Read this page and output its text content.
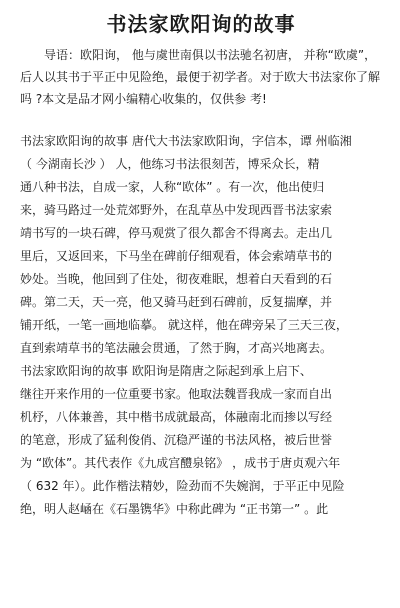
书法家欧阳询的故事

导语：欧阳询， 他与虞世南俱以书法驰名初唐， 并称“欧虞”，后人以其书于平正中见险绝，最便于初学者。对于欧大书法家你了解吗 ?本文是品才网小编精心收集的，仅供参 考!

书法家欧阳询的故事 唐代大书法家欧阳询，字信本，谭 州临湘

（ 今湖南长沙 ） 人，他练习书法很刻苦，博采众长，精

通八种书法，自成一家，人称“欧体” 。有一次，他出使归

来，骑马路过一处荒郊野外，在乱草丛中发现西晋书法家索

靖书写的一块石碑，停马观赏了很久都舍不得离去。走出几

里后，又返回来，下马坐在碑前仔细观看，体会索靖草书的

妙处。当晚，他回到了住处，彻夜难眠，想着白天看到的石

碑。第二天，天一亮，他又骑马赶到石碑前，反复揣摩，并

铺开纸，一笔一画地临摹。 就这样，他在碑旁呆了三天三夜，

直到索靖草书的笔法融会贯通，了然于胸，才高兴地离去。

书法家欧阳询的故事 欧阳询是隋唐之际起到承上启下、

继往开来作用的一位重要书家。他取法魏晋我成一家而自出

机杼，八体兼善，其中楷书成就最高，体融南北而掺以写经

的笔意，形成了猛利俊俏、沉稳严谨的书法风格，被后世誉

为 “欧体”。其代表作《九成宫醴泉铭》 ，成书于唐贞观六年

（ 632 年）。此作楷法精妙，险劲而不失婉润，于平正中见险

绝，明人赵崡在《石墨镌华》中称此碑为 “正书第一” 。此
